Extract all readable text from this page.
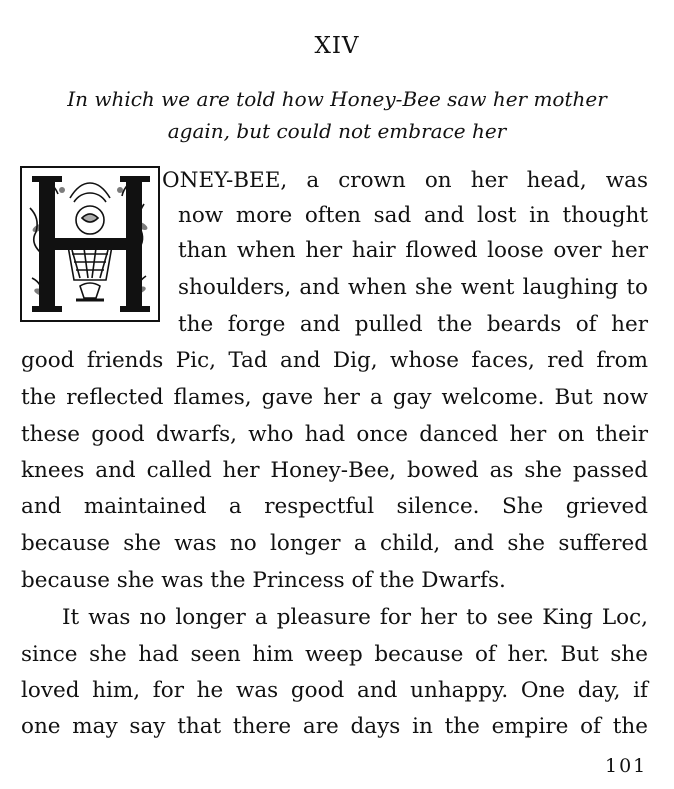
XIV
In which we are told how Honey-Bee saw her mother
again, but could not embrace her
ONEY-BEE, a crown on her head, was
now more often sad and lost in thought
than when her hair flowed loose over her
shoulders, and when she went laughing to
the forge and pulled the beards of her
good friends Pic, Tad and Dig, whose faces, red from
the reflected flames, gave her a gay welcome. But now
these good dwarfs, who had once danced her on their
knees and called her Honey-Bee, bowed as she passed
and maintained a respectful silence. She grieved
because she was no longer a child, and she suffered
because she was the Princess of the Dwarfs.
It was no longer a pleasure for her to see King Loc,
since she had seen him weep because of her. But she
loved him, for he was good and unhappy. One day, if
one may say that there are days in the empire of the
101
